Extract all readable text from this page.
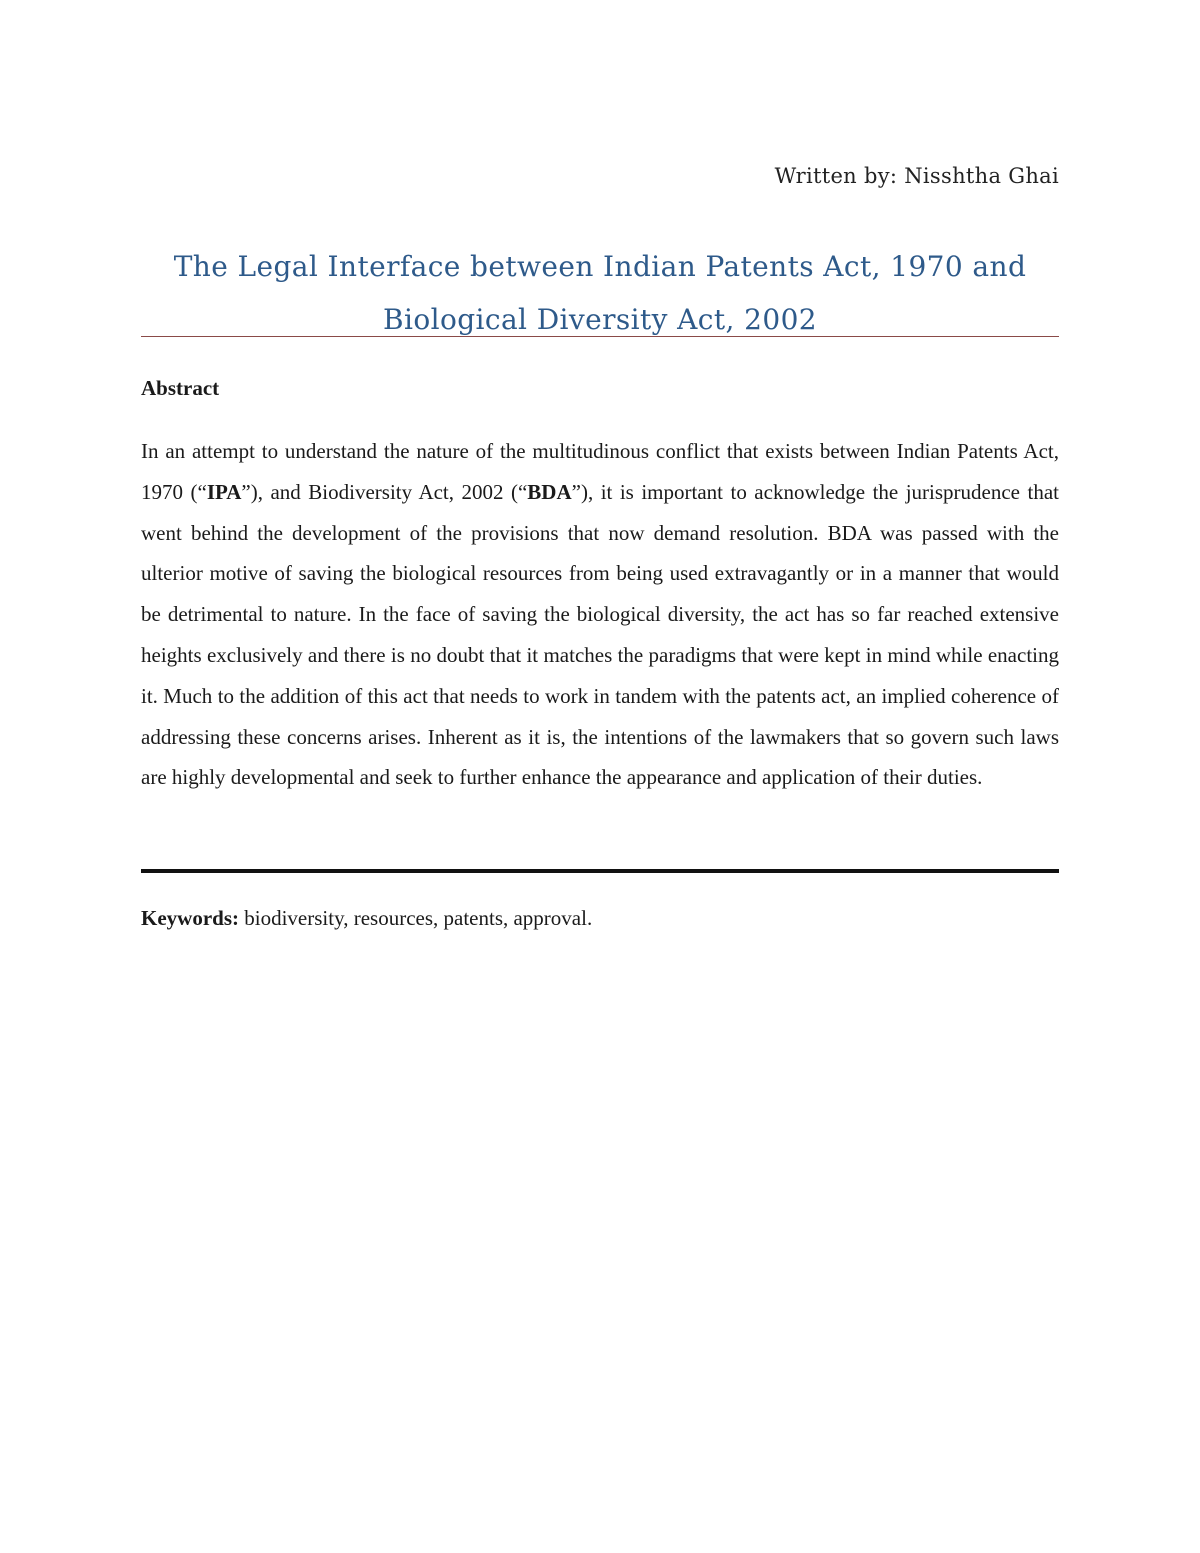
Written by: Nisshtha Ghai
The Legal Interface between Indian Patents Act, 1970 and
Biological Diversity Act, 2002
Abstract

In an attempt to understand the nature of the multitudinous conflict that exists between Indian Patents Act, 1970 (“IPA”), and Biodiversity Act, 2002 (“BDA”), it is important to acknowledge the jurisprudence that went behind the development of the provisions that now demand resolution. BDA was passed with the ulterior motive of saving the biological resources from being used extravagantly or in a manner that would be detrimental to nature. In the face of saving the biological diversity, the act has so far reached extensive heights exclusively and there is no doubt that it matches the paradigms that were kept in mind while enacting it. Much to the addition of this act that needs to work in tandem with the patents act, an implied coherence of addressing these concerns arises. Inherent as it is, the intentions of the lawmakers that so govern such laws are highly developmental and seek to further enhance the appearance and application of their duties.

Keywords: biodiversity, resources, patents, approval.
